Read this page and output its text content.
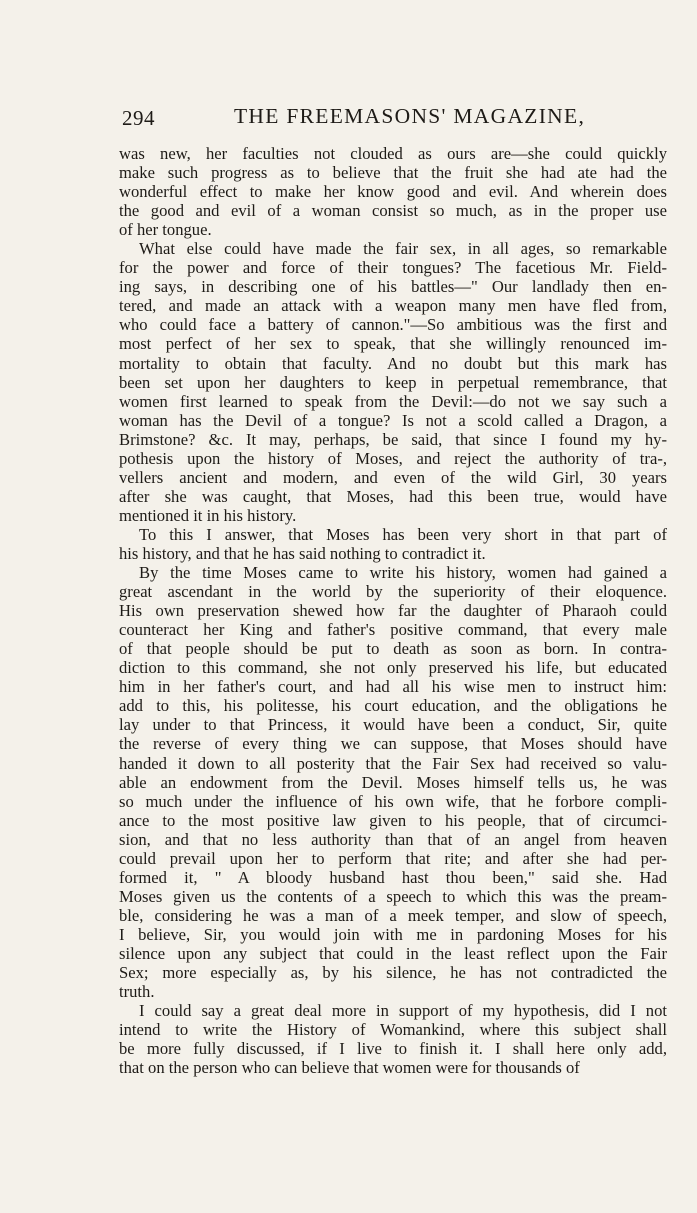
294	THE FREEMASONS' MAGAZINE,
was new, her faculties not clouded as ours are—she could quickly
make such progress as to believe that the fruit she had ate had the
wonderful effect to make her know good and evil. And wherein does
the good and evil of a woman consist so much, as in the proper use
of her tongue.
What else could have made the fair sex, in all ages, so remarkable
for the power and force of their tongues? The facetious Mr. Field-
ing says, in describing one of his battles—" Our landlady then en-
tered, and made an attack with a weapon many men have fled from,
who could face a battery of cannon."—So ambitious was the first and
most perfect of her sex to speak, that she willingly renounced im-
mortality to obtain that faculty. And no doubt but this mark has
been set upon her daughters to keep in perpetual remembrance, that
women first learned to speak from the Devil:—do not we say such a
woman has the Devil of a tongue? Is not a scold called a Dragon, a
Brimstone? &c. It may, perhaps, be said, that since I found my hy-
pothesis upon the history of Moses, and reject the authority of tra-,
vellers ancient and modern, and even of the wild Girl, 30 years
after she was caught, that Moses, had this been true, would have
mentioned it in his history.
To this I answer, that Moses has been very short in that part of
his history, and that he has said nothing to contradict it.
By the time Moses came to write his history, women had gained a
great ascendant in the world by the superiority of their eloquence.
His own preservation shewed how far the daughter of Pharaoh could
counteract her King and father's positive command, that every male
of that people should be put to death as soon as born. In contra-
diction to this command, she not only preserved his life, but educated
him in her father's court, and had all his wise men to instruct him:
add to this, his politesse, his court education, and the obligations he
lay under to that Princess, it would have been a conduct, Sir, quite
the reverse of every thing we can suppose, that Moses should have
handed it down to all posterity that the Fair Sex had received so valu-
able an endowment from the Devil. Moses himself tells us, he was
so much under the influence of his own wife, that he forbore compli-
ance to the most positive law given to his people, that of circumci-
sion, and that no less authority than that of an angel from heaven
could prevail upon her to perform that rite; and after she had per-
formed it, " A bloody husband hast thou been," said she. Had
Moses given us the contents of a speech to which this was the pream-
ble, considering he was a man of a meek temper, and slow of speech,
I believe, Sir, you would join with me in pardoning Moses for his
silence upon any subject that could in the least reflect upon the Fair
Sex; more especially as, by his silence, he has not contradicted the
truth.
I could say a great deal more in support of my hypothesis, did I not
intend to write the History of Womankind, where this subject shall
be more fully discussed, if I live to finish it. I shall here only add,
that on the person who can believe that women were for thousands of
